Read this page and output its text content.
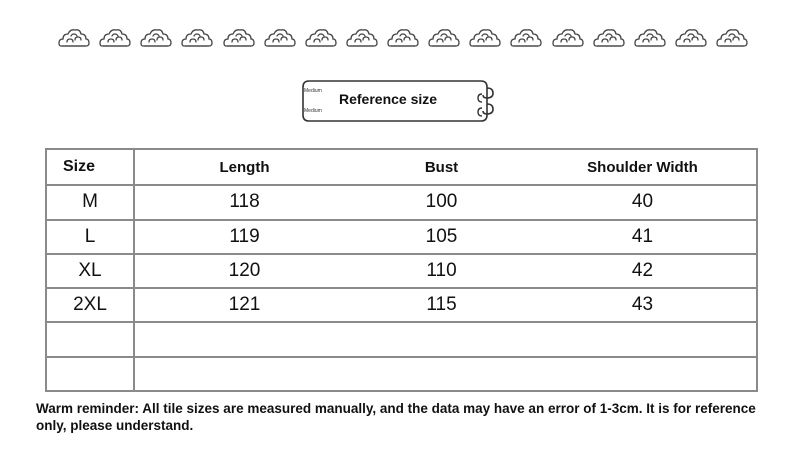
Medium
Medium
Reference size
Size	Length	Bust	Shoulder Width
M	118	100	40
L	119	105	41
XL	120	110	42
2XL	121	115	43

Warm reminder: All tile sizes are measured manually, and the data may have an error of 1-3cm. It is for reference only, please understand.
